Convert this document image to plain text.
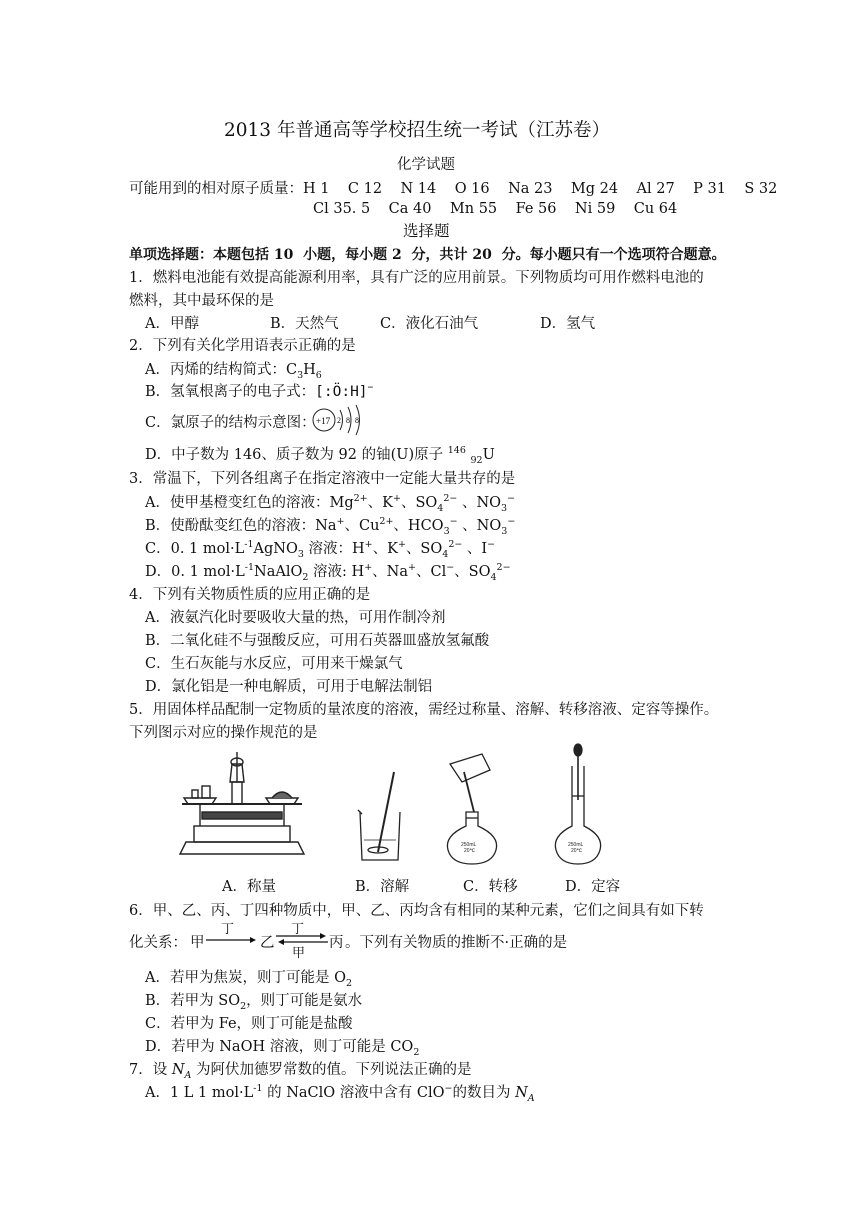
2013 年普通高等学校招生统一考试（江苏卷）
化学试题
可能用到的相对原子质量：H 1    C 12    N 14    O 16    Na 23    Mg 24    Al 27    P 31    S 32
Cl 35. 5    Ca 40    Mn 55    Fe 56    Ni 59    Cu 64
选择题
单项选择题：本题包括 10  小题，每小题 2  分，共计 20  分。每小题只有一个选项符合题意。
1．燃料电池能有效提高能源利用率，具有广泛的应用前景。下列物质均可用作燃料电池的
燃料，其中最环保的是
A．甲醇	B．天然气	C．液化石油气	D．氢气
2．下列有关化学用语表示正确的是
A．丙烯的结构简式：$C_3H_6$
B．氢氧根离子的电子式：[:Ö:H]−
C．氯原子的结构示意图： +17 2 8 8
D．中子数为 146、质子数为 92 的铀(U)原子 $^{146}$ $_{92}$U
3．常温下，下列各组离子在指定溶液中一定能大量共存的是
A．使甲基橙变红色的溶液：$Mg^{2+}$、K+、$SO_4^{2-}$ 、$NO_3^-$
B．使酚酞变红色的溶液：Na+、$Cu^{2+}$、$HCO_3^-$ 、$NO_3^-$
C．0. 1 $mol\cdot L^{-1}AgNO_3$ 溶液：H+、K+、$SO_4^{2-}$ 、I−
D．0. 1 $mol\cdot L^{-1}NaAlO_2$ 溶液: H+、Na+、Cl−、$SO_4^{2-}$
4．下列有关物质性质的应用正确的是
A．液氨汽化时要吸收大量的热，可用作制冷剂
B．二氧化硅不与强酸反应，可用石英器皿盛放氢氟酸
C．生石灰能与水反应，可用来干燥氯气
D．氯化铝是一种电解质，可用于电解法制铝
5．用固体样品配制一定物质的量浓度的溶液，需经过称量、溶解、转移溶液、定容等操作。
下列图示对应的操作规范的是
250mL
20℃
250mL
20℃
A．称量	B．溶解	C．转移	D．定容
6．甲、乙、丙、丁四种物质中，甲、乙、丙均含有相同的某种元素，它们之间具有如下转
化关系： 甲
丁
乙
丁
甲
丙 。下列有关物质的推断不·正确的是
A．若甲为焦炭，则丁可能是 $O_2$
B．若甲为 $SO_2$，则丁可能是氨水
C．若甲为 Fe，则丁可能是盐酸
D．若甲为 NaOH 溶液，则丁可能是 $CO_2$
7．设 $N_A$ 为阿伏加德罗常数的值。下列说法正确的是
A．1 L 1 $mol\cdot L^{-1}$ 的 NaClO 溶液中含有 ClO−的数目为 $N_A$
